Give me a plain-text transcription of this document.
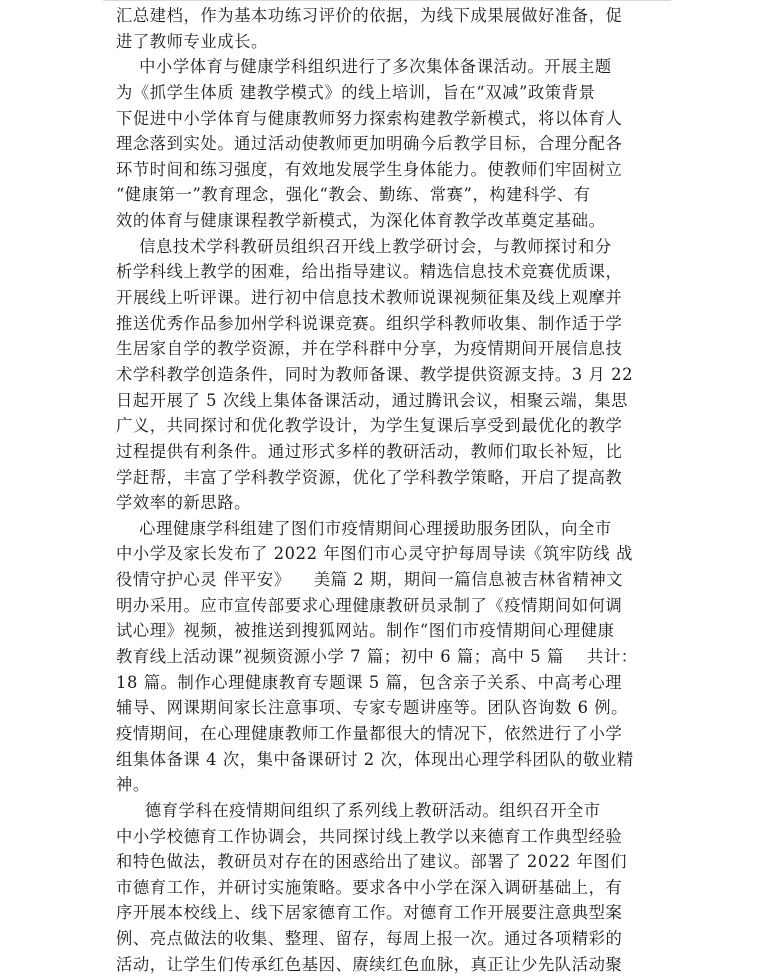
汇总建档，作为基本功练习评价的依据，为线下成果展做好准备，促
进了教师专业成长。
中小学体育与健康学科组织进行了多次集体备课活动。开展主题
为《抓学生体质 建教学模式》的线上培训，旨在“双减”政策背景
下促进中小学体育与健康教师努力探索构建教学新模式，将以体育人
理念落到实处。通过活动使教师更加明确今后教学目标，合理分配各
环节时间和练习强度，有效地发展学生身体能力。使教师们牢固树立
“健康第一”教育理念，强化“教会、勤练、常赛”，构建科学、有
效的体育与健康课程教学新模式，为深化体育教学改革奠定基础。
信息技术学科教研员组织召开线上教学研讨会，与教师探讨和分
析学科线上教学的困难，给出指导建议。精选信息技术竞赛优质课，
开展线上听评课。进行初中信息技术教师说课视频征集及线上观摩并
推送优秀作品参加州学科说课竞赛。组织学科教师收集、制作适于学
生居家自学的教学资源，并在学科群中分享，为疫情期间开展信息技
术学科教学创造条件，同时为教师备课、教学提供资源支持。3 月 22
日起开展了 5 次线上集体备课活动，通过腾讯会议，相聚云端，集思
广义，共同探讨和优化教学设计，为学生复课后享受到最优化的教学
过程提供有利条件。通过形式多样的教研活动，教师们取长补短，比
学赶帮，丰富了学科教学资源，优化了学科教学策略，开启了提高教
学效率的新思路。
心理健康学科组建了图们市疫情期间心理援助服务团队，向全市
中小学及家长发布了 2022 年图们市心灵守护每周导读《筑牢防线 战
役情守护心灵 伴平安》    美篇 2 期，期间一篇信息被吉林省精神文
明办采用。应市宣传部要求心理健康教研员录制了《疫情期间如何调
试心理》视频，被推送到搜狐网站。制作“图们市疫情期间心理健康
教育线上活动课”视频资源小学 7 篇；初中 6 篇；高中 5 篇    共计：
18 篇。制作心理健康教育专题课 5 篇，包含亲子关系、中高考心理
辅导、网课期间家长注意事项、专家专题讲座等。团队咨询数 6 例。
疫情期间，在心理健康教师工作量都很大的情况下，依然进行了小学
组集体备课 4 次，集中备课研讨 2 次，体现出心理学科团队的敬业精
神。
德育学科在疫情期间组织了系列线上教研活动。组织召开全市
中小学校德育工作协调会，共同探讨线上教学以来德育工作典型经验
和特色做法，教研员对存在的困惑给出了建议。部署了 2022 年图们
市德育工作，并研讨实施策略。要求各中小学在深入调研基础上，有
序开展本校线上、线下居家德育工作。对德育工作开展要注意典型案
例、亮点做法的收集、整理、留存，每周上报一次。通过各项精彩的
活动，让学生们传承红色基因、赓续红色血脉，真正让少先队活动聚
